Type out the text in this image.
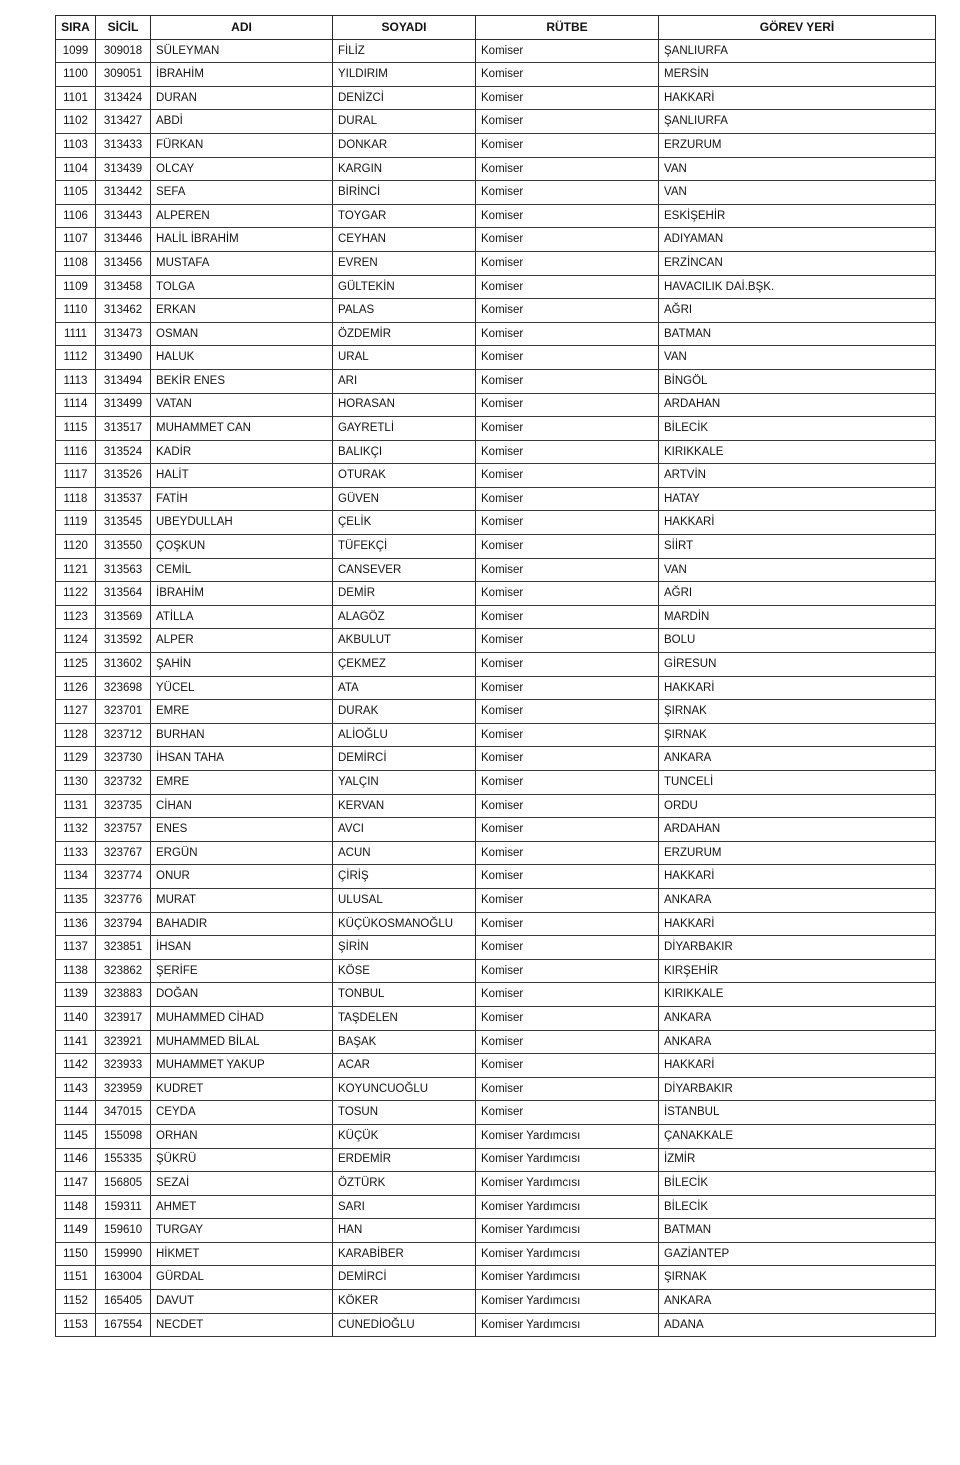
SIRA	SİCİL	ADI	SOYADI	RÜTBE	GÖREV YERİ
1099	309018	SÜLEYMAN	FİLİZ	Komiser	ŞANLIURFA
1100	309051	İBRAHİM	YILDIRIM	Komiser	MERSİN
1101	313424	DURAN	DENİZCİ	Komiser	HAKKARİ
1102	313427	ABDİ	DURAL	Komiser	ŞANLIURFA
1103	313433	FÜRKAN	DONKAR	Komiser	ERZURUM
1104	313439	OLCAY	KARGIN	Komiser	VAN
1105	313442	SEFA	BİRİNCİ	Komiser	VAN
1106	313443	ALPEREN	TOYGAR	Komiser	ESKİŞEHİR
1107	313446	HALİL İBRAHİM	CEYHAN	Komiser	ADIYAMAN
1108	313456	MUSTAFA	EVREN	Komiser	ERZİNCAN
1109	313458	TOLGA	GÜLTEKİN	Komiser	HAVACILIK DAİ.BŞK.
1110	313462	ERKAN	PALAS	Komiser	AĞRI
1111	313473	OSMAN	ÖZDEMİR	Komiser	BATMAN
1112	313490	HALUK	URAL	Komiser	VAN
1113	313494	BEKİR ENES	ARI	Komiser	BİNGÖL
1114	313499	VATAN	HORASAN	Komiser	ARDAHAN
1115	313517	MUHAMMET CAN	GAYRETLİ	Komiser	BİLECİK
1116	313524	KADİR	BALIKÇI	Komiser	KIRIKKALE
1117	313526	HALİT	OTURAK	Komiser	ARTVİN
1118	313537	FATİH	GÜVEN	Komiser	HATAY
1119	313545	UBEYDULLAH	ÇELİK	Komiser	HAKKARİ
1120	313550	ÇOŞKUN	TÜFEKÇİ	Komiser	SİİRT
1121	313563	CEMİL	CANSEVER	Komiser	VAN
1122	313564	İBRAHİM	DEMİR	Komiser	AĞRI
1123	313569	ATİLLA	ALAGÖZ	Komiser	MARDİN
1124	313592	ALPER	AKBULUT	Komiser	BOLU
1125	313602	ŞAHİN	ÇEKMEZ	Komiser	GİRESUN
1126	323698	YÜCEL	ATA	Komiser	HAKKARİ
1127	323701	EMRE	DURAK	Komiser	ŞIRNAK
1128	323712	BURHAN	ALİOĞLU	Komiser	ŞIRNAK
1129	323730	İHSAN TAHA	DEMİRCİ	Komiser	ANKARA
1130	323732	EMRE	YALÇIN	Komiser	TUNCELİ
1131	323735	CİHAN	KERVAN	Komiser	ORDU
1132	323757	ENES	AVCI	Komiser	ARDAHAN
1133	323767	ERGÜN	ACUN	Komiser	ERZURUM
1134	323774	ONUR	ÇİRİŞ	Komiser	HAKKARİ
1135	323776	MURAT	ULUSAL	Komiser	ANKARA
1136	323794	BAHADIR	KÜÇÜKOSMANOĞLU	Komiser	HAKKARİ
1137	323851	İHSAN	ŞİRİN	Komiser	DİYARBAKIR
1138	323862	ŞERİFE	KÖSE	Komiser	KIRŞEHİR
1139	323883	DOĞAN	TONBUL	Komiser	KIRIKKALE
1140	323917	MUHAMMED CİHAD	TAŞDELEN	Komiser	ANKARA
1141	323921	MUHAMMED BİLAL	BAŞAK	Komiser	ANKARA
1142	323933	MUHAMMET YAKUP	ACAR	Komiser	HAKKARİ
1143	323959	KUDRET	KOYUNCUOĞLU	Komiser	DİYARBAKIR
1144	347015	CEYDA	TOSUN	Komiser	İSTANBUL
1145	155098	ORHAN	KÜÇÜK	Komiser Yardımcısı	ÇANAKKALE
1146	155335	ŞÜKRÜ	ERDEMİR	Komiser Yardımcısı	İZMİR
1147	156805	SEZAİ	ÖZTÜRK	Komiser Yardımcısı	BİLECİK
1148	159311	AHMET	SARI	Komiser Yardımcısı	BİLECİK
1149	159610	TURGAY	HAN	Komiser Yardımcısı	BATMAN
1150	159990	HİKMET	KARABİBER	Komiser Yardımcısı	GAZİANTEP
1151	163004	GÜRDAL	DEMİRCİ	Komiser Yardımcısı	ŞIRNAK
1152	165405	DAVUT	KÖKER	Komiser Yardımcısı	ANKARA
1153	167554	NECDET	CUNEDİOĞLU	Komiser Yardımcısı	ADANA
